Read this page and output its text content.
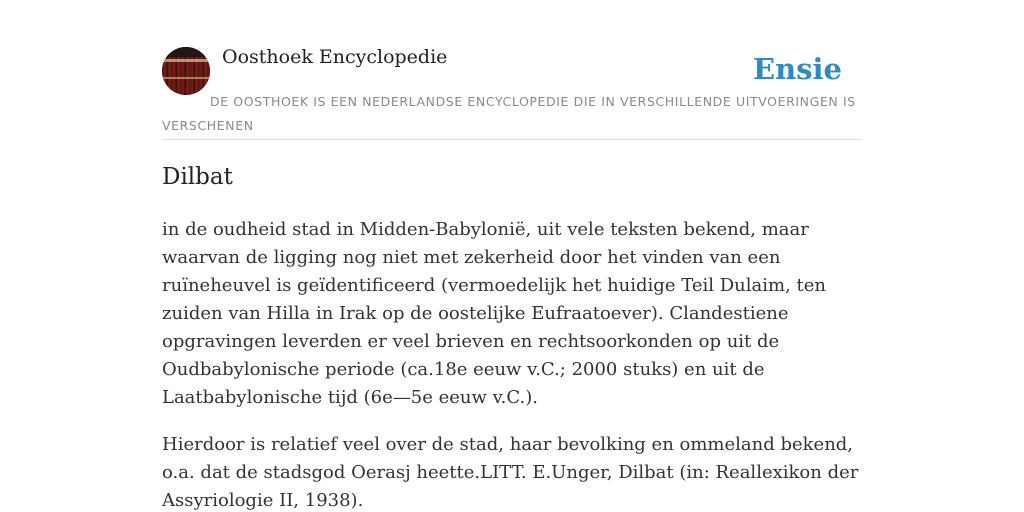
Oosthoek Encyclopedie	Ensie
DE OOSTHOEK IS EEN NEDERLANDSE ENCYCLOPEDIE DIE IN VERSCHILLENDE UITVOERINGEN IS VERSCHENEN
Dilbat

in de oudheid stad in Midden-Babylonië, uit vele teksten bekend, maar waarvan de ligging nog niet met zekerheid door het vinden van een ruïneheuvel is geïdentificeerd (vermoedelijk het huidige Teil Dulaim, ten zuiden van Hilla in Irak op de oostelijke Eufraatoever). Clandestiene opgravingen leverden er veel brieven en rechtsoorkonden op uit de Oudbabylonische periode (ca.18e eeuw v.C.; 2000 stuks) en uit de Laatbabylonische tijd (6e—5e eeuw v.C.).

Hierdoor is relatief veel over de stad, haar bevolking en ommeland bekend, o.a. dat de stadsgod Oerasj heette.LITT. E.Unger, Dilbat (in: Reallexikon der Assyriologie II, 1938).
